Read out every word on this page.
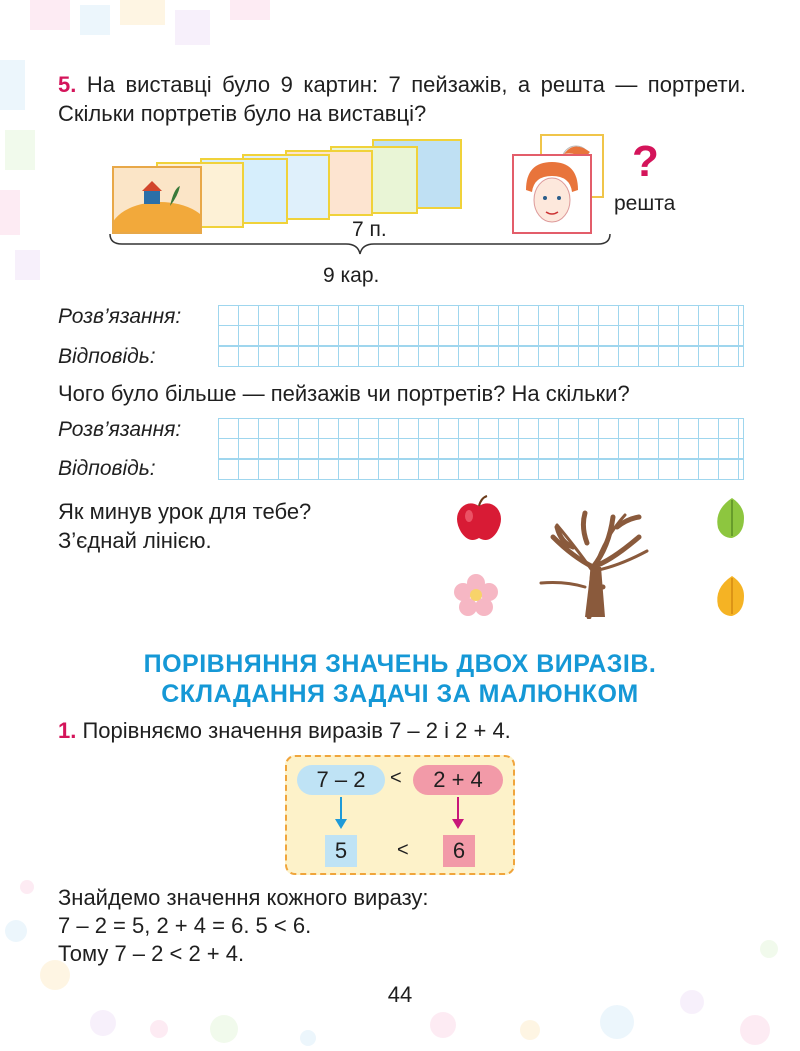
5. На виставці було 9 картин: 7 пейзажів, а решта — портрети. Скільки портретів було на виставці?
?
решта
7 п.
9 кар.
Розв’язання:
Відповідь:
Чого було більше — пейзажів чи портретів? На скільки?
Розв’язання:
Відповідь:
Як минув урок для тебе?
З’єднай лінією.
ПОРІВНЯННЯ ЗНАЧЕНЬ ДВОХ ВИРАЗІВ.
СКЛАДАННЯ ЗАДАЧІ ЗА МАЛЮНКОМ
1. Порівняємо значення виразів 7 – 2 і 2 + 4.
7 – 2	<	2 + 4
5	<	6
Знайдемо значення кожного виразу:
7 – 2 = 5, 2 + 4 = 6. 5 < 6.
Тому 7 – 2 < 2 + 4.
44
